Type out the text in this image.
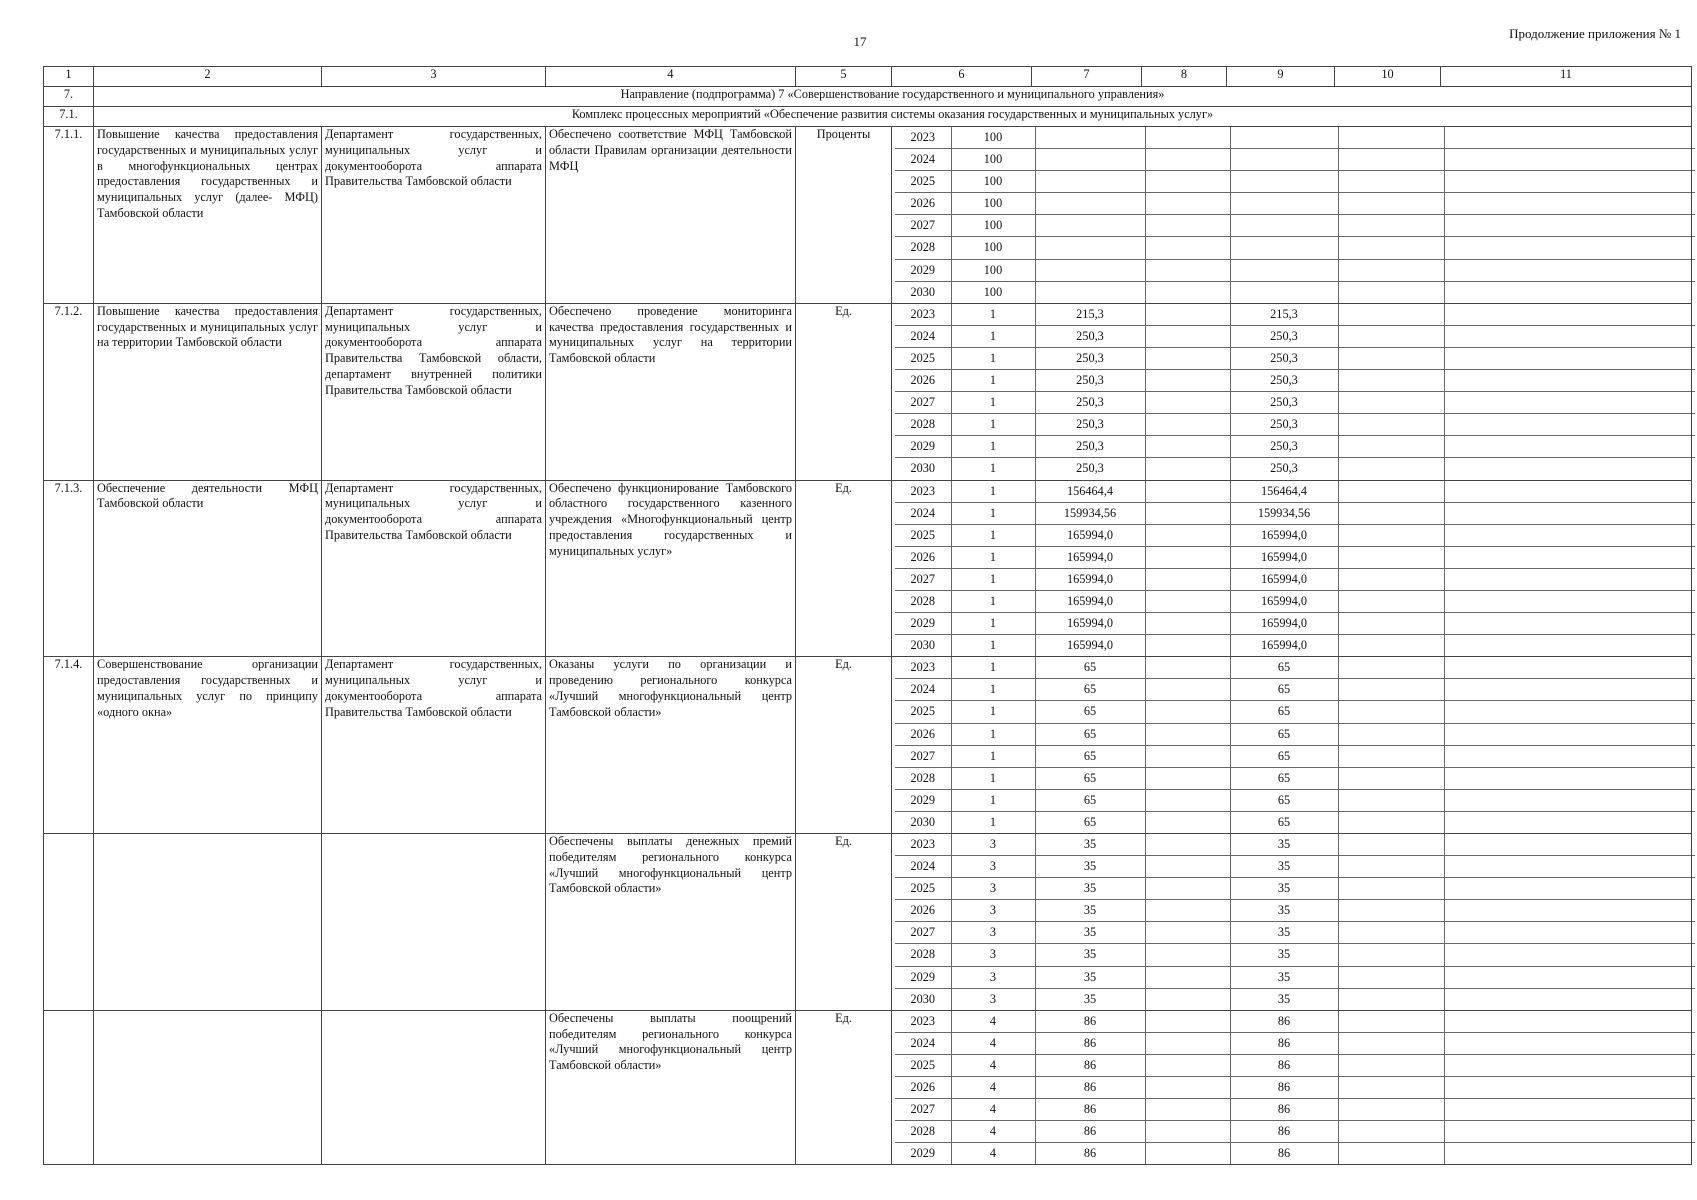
17
Продолжение приложения № 1
1	2	3	4	5	6	7	8	9	10	11
7.	Направление (подпрограмма) 7 «Совершенствование государственного и муниципального управления»
7.1.	Комплекс процессных мероприятий «Обеспечение развития системы оказания государственных и муниципальных услуг»
7.1.1.	Повышение качества предоставления государственных и муниципальных услуг в многофункциональных центрах предоставления государственных и муниципальных услуг (далее- МФЦ) Тамбовской области	Департамент государственных, муниципальных услуг и документооборота аппарата Правительства Тамбовской области	Обеспечено соответствие МФЦ Тамбовской области Правилам организации деятельности МФЦ	Проценты		2023	100					
2024	100					
2025	100					
2026	100					
2027	100					
2028	100					
2029	100					
2030	100					

7.1.2.	Повышение качества предоставления государственных и муниципальных услуг на территории Тамбовской области	Департамент государственных, муниципальных услуг и документооборота аппарата Правительства Тамбовской области, департамент внутренней политики Правительства Тамбовской области	Обеспечено проведение мониторинга качества предоставления государственных и муниципальных услуг на территории Тамбовской области	Ед.		2023	1	215,3		215,3		
2024	1	250,3		250,3		
2025	1	250,3		250,3		
2026	1	250,3		250,3		
2027	1	250,3		250,3		
2028	1	250,3		250,3		
2029	1	250,3		250,3		
2030	1	250,3		250,3		

7.1.3.	Обеспечение деятельности МФЦ Тамбовской области	Департамент государственных, муниципальных услуг и документооборота аппарата Правительства Тамбовской области	Обеспечено функционирование Тамбовского областного государственного казенного учреждения «Многофункциональный центр предоставления государственных и муниципальных услуг»	Ед.		2023	1	156464,4		156464,4		
2024	1	159934,56		159934,56		
2025	1	165994,0		165994,0		
2026	1	165994,0		165994,0		
2027	1	165994,0		165994,0		
2028	1	165994,0		165994,0		
2029	1	165994,0		165994,0		
2030	1	165994,0		165994,0		

7.1.4.	Совершенствование организации предоставления государственных и муниципальных услуг по принципу «одного окна»	Департамент государственных, муниципальных услуг и документооборота аппарата Правительства Тамбовской области	Оказаны услуги по организации и проведению регионального конкурса «Лучший многофункциональный центр Тамбовской области»	Ед.		2023	1	65		65		
2024	1	65		65		
2025	1	65		65		
2026	1	65		65		
2027	1	65		65		
2028	1	65		65		
2029	1	65		65		
2030	1	65		65		

			Обеспечены выплаты денежных премий победителям регионального конкурса «Лучший многофункциональный центр Тамбовской области»	Ед.		2023	3	35		35		
2024	3	35		35		
2025	3	35		35		
2026	3	35		35		
2027	3	35		35		
2028	3	35		35		
2029	3	35		35		
2030	3	35		35		

			Обеспечены выплаты поощрений победителям регионального конкурса «Лучший многофункциональный центр Тамбовской области»	Ед.		2023	4	86		86		
2024	4	86		86		
2025	4	86		86		
2026	4	86		86		
2027	4	86		86		
2028	4	86		86		
2029	4	86		86		
